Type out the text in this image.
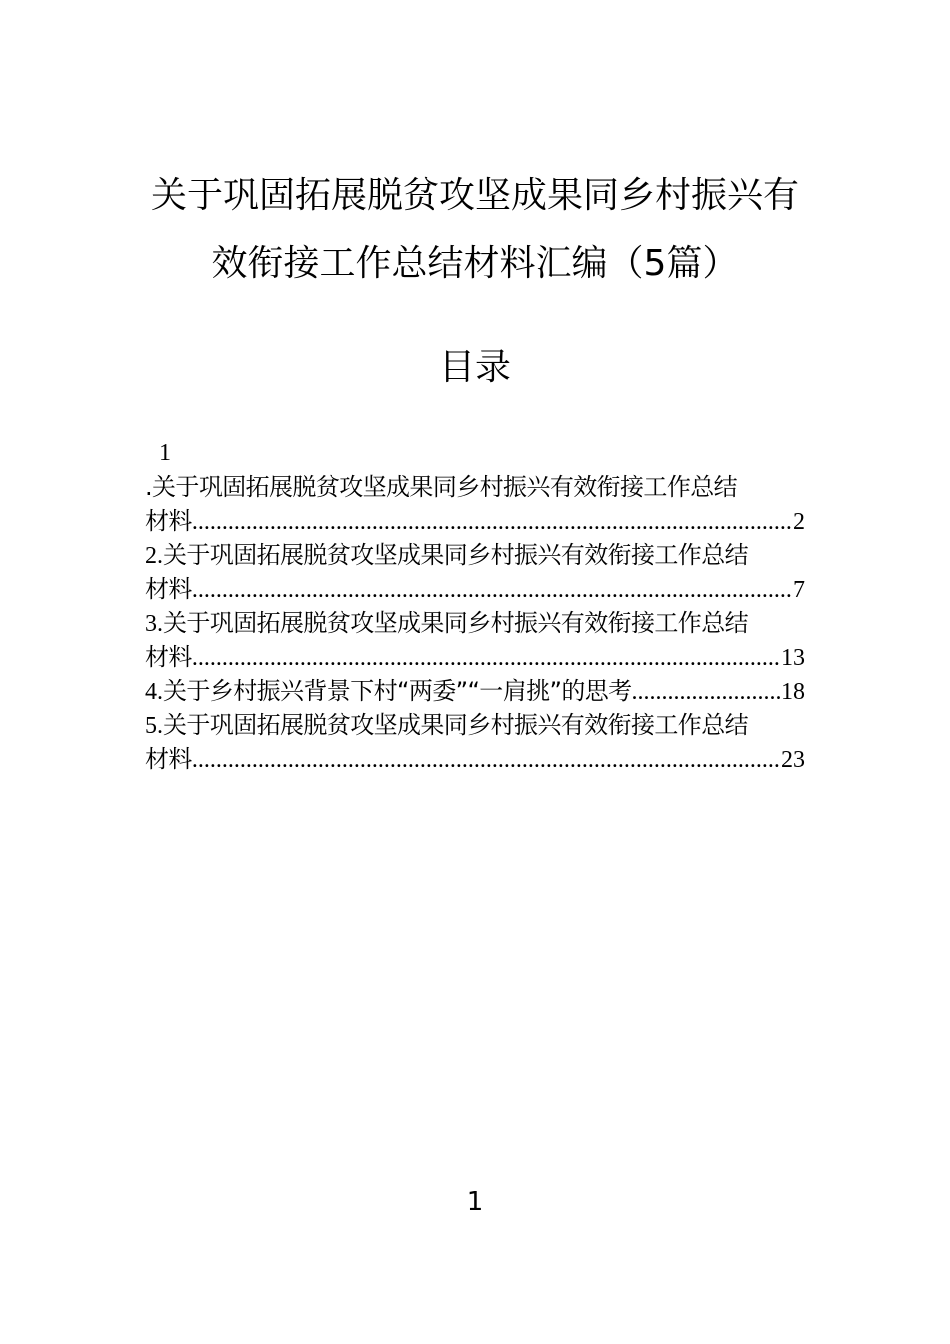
关于巩固拓展脱贫攻坚成果同乡村振兴有
效衔接工作总结材料汇编（5篇）
目录
1
.关于巩固拓展脱贫攻坚成果同乡村振兴有效衔接工作总结
材料 .....	2
2. 关于巩固拓展脱贫攻坚成果同乡村振兴有效衔接工作总结
材料 .....	7
3. 关于巩固拓展脱贫攻坚成果同乡村振兴有效衔接工作总结
材料 .....	13
4. 关于乡村振兴背景下村“两委”“一肩挑”的思考 .....	18
5. 关于巩固拓展脱贫攻坚成果同乡村振兴有效衔接工作总结
材料 .....	23
1
